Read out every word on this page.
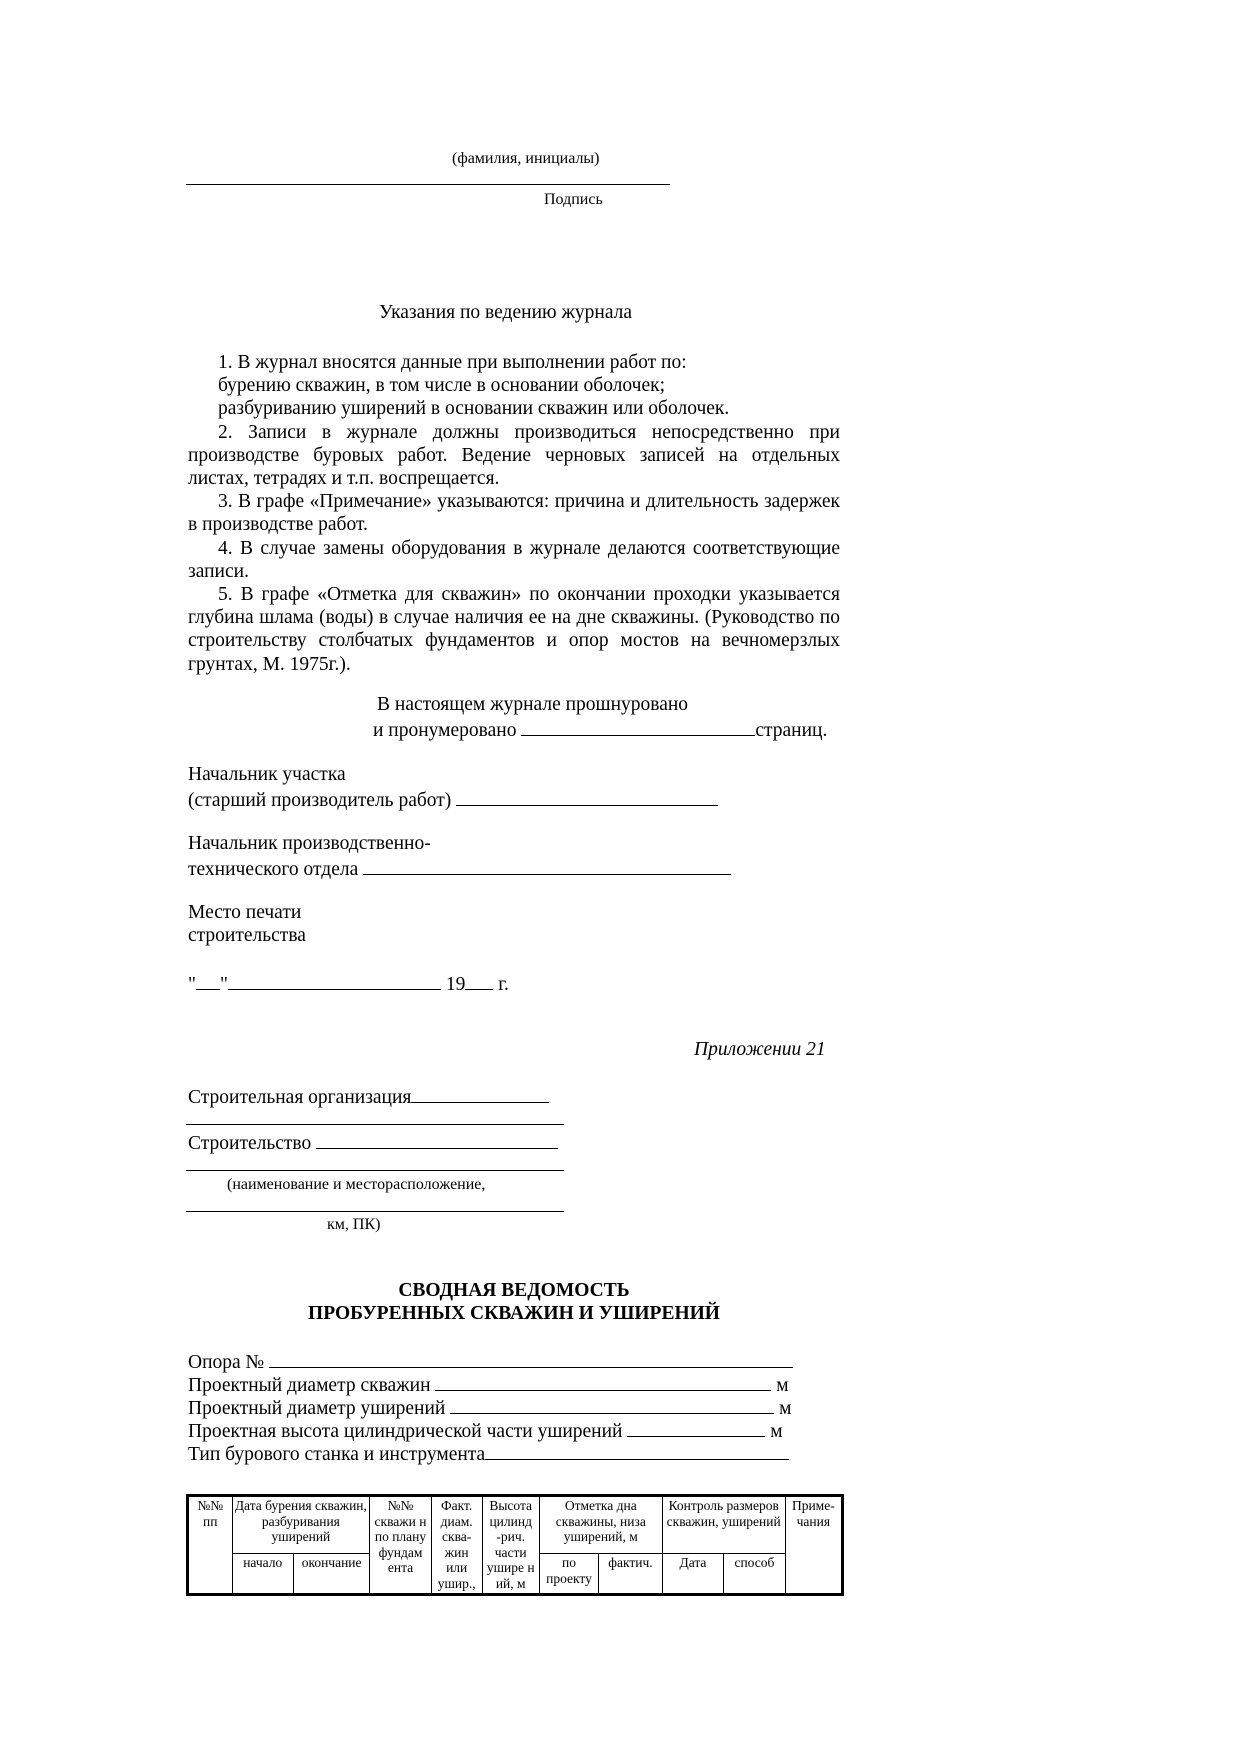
(фамилия, инициалы)
Подпись
Указания по ведению журнала

1. В журнал вносятся данные при выполнении работ по:

бурению скважин, в том числе в основании оболочек;

разбуриванию уширений в основании скважин или оболочек.

2. Записи в журнале должны производиться непосредственно при производстве буровых работ. Ведение черновых записей на отдельных листах, тетрадях и т.п. воспрещается.

3. В графе «Примечание» указываются: причина и длительность задержек в производстве работ.

4. В случае замены оборудования в журнале делаются соответствующие записи.

5. В графе «Отметка для скважин» по окончании проходки указывается глубина шлама (воды) в случае наличия ее на дне скважины. (Руководство по строительству столбчатых фундаментов и опор мостов на вечномерзлых грунтах, М. 1975г.).

В настоящем журнале прошнуровано
и пронумеровано	страниц.
Начальник участка
(старший производитель работ)
Начальник производственно-
технического отдела
Место печати
строительства
" "	19 г.
Приложении 21
Строительная организация
Строительство
(наименование и месторасположение,
км, ПК)
СВОДНАЯ ВЕДОМОСТЬ
ПРОБУРЕННЫХ СКВАЖИН И УШИРЕНИЙ
Опора №
Проектный диаметр скважин	м
Проектный диаметр уширений	м
Проектная высота цилиндрической части уширений	м
Тип бурового станка и инструмента
№№ пп	Дата бурения скважин, разбуривания уширений		№№ скважи н по плану фундам ента	Факт. диам. сква- жин или ушир.,	Высота цилинд -рич. части ушире н ий, м	Отметка дна скважины, низа уширений, м		Контроль размеров скважин, уширений		Приме- чания
	начало	окончание				по проекту	фактич.	Дата	способ	
